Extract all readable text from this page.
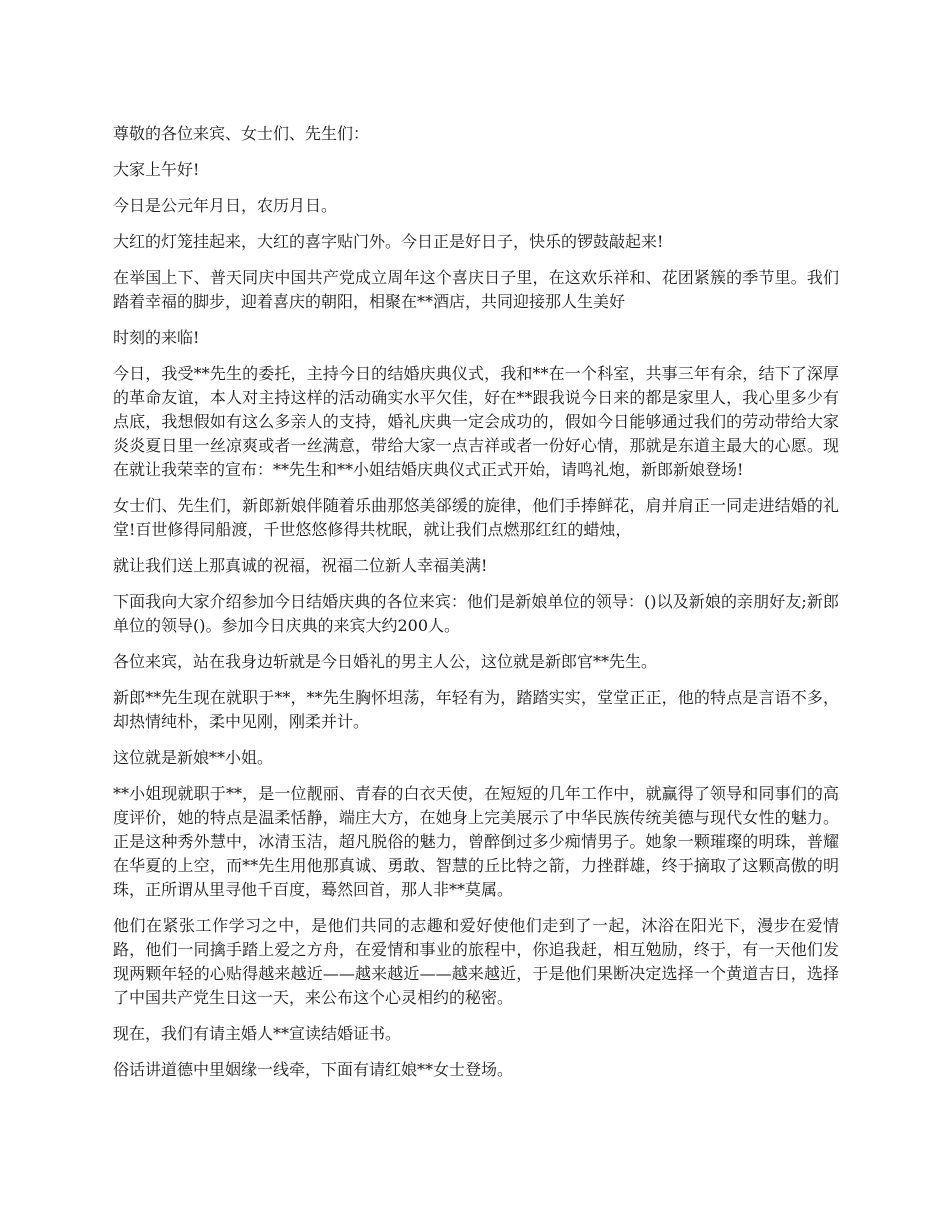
尊敬的各位来宾、女士们、先生们：

大家上午好!

今日是公元年月日，农历月日。

大红的灯笼挂起来，大红的喜字贴门外。今日正是好日子，快乐的锣鼓敲起来!

在举国上下、普天同庆中国共产党成立周年这个喜庆日子里，在这欢乐祥和、花团紧簇的季节里。我们踏着幸福的脚步，迎着喜庆的朝阳，相聚在**酒店，共同迎接那人生美好

时刻的来临!

今日，我受**先生的委托，主持今日的结婚庆典仪式，我和**在一个科室，共事三年有余，结下了深厚的革命友谊，本人对主持这样的活动确实水平欠佳，好在**跟我说今日来的都是家里人，我心里多少有点底，我想假如有这么多亲人的支持，婚礼庆典一定会成功的，假如今日能够通过我们的劳动带给大家炎炎夏日里一丝凉爽或者一丝满意，带给大家一点吉祥或者一份好心情，那就是东道主最大的心愿。现在就让我荣幸的宣布：**先生和**小姐结婚庆典仪式正式开始，请鸣礼炮，新郎新娘登场!

女士们、先生们，新郎新娘伴随着乐曲那悠美郤缓的旋律，他们手捧鲜花，肩并肩正一同走进结婚的礼堂!百世修得同船渡，千世悠悠修得共枕眠，就让我们点燃那红红的蜡烛，

就让我们送上那真诚的祝福，祝福二位新人幸福美满!

下面我向大家介绍参加今日结婚庆典的各位来宾：他们是新娘单位的领导：()以及新娘的亲朋好友;新郎单位的领导()。参加今日庆典的来宾大约200人。

各位来宾，站在我身边斩就是今日婚礼的男主人公，这位就是新郎官**先生。

新郎**先生现在就职于**，**先生胸怀坦荡，年轻有为，踏踏实实，堂堂正正，他的特点是言语不多，却热情纯朴，柔中见刚，刚柔并计。

这位就是新娘**小姐。

**小姐现就职于**，是一位靓丽、青春的白衣天使，在短短的几年工作中，就赢得了领导和同事们的高度评价，她的特点是温柔恬静，端庄大方，在她身上完美展示了中华民族传统美德与现代女性的魅力。正是这种秀外慧中，冰清玉洁，超凡脱俗的魅力，曾醉倒过多少痴情男子。她象一颗璀璨的明珠，普耀在华夏的上空，而**先生用他那真诚、勇敢、智慧的丘比特之箭，力挫群雄，终于摘取了这颗高傲的明珠，正所谓从里寻他千百度，蓦然回首，那人非**莫属。

他们在紧张工作学习之中，是他们共同的志趣和爱好使他们走到了一起，沐浴在阳光下，漫步在爱情路，他们一同擒手踏上爱之方舟，在爱情和事业的旅程中，你追我赶，相互勉励，终于，有一天他们发现两颗年轻的心贴得越来越近——越来越近——越来越近，于是他们果断决定选择一个黄道吉日，选择了中国共产党生日这一天，来公布这个心灵相约的秘密。

现在，我们有请主婚人**宣读结婚证书。

俗话讲道德中里姻缘一线牵，下面有请红娘**女士登场。
